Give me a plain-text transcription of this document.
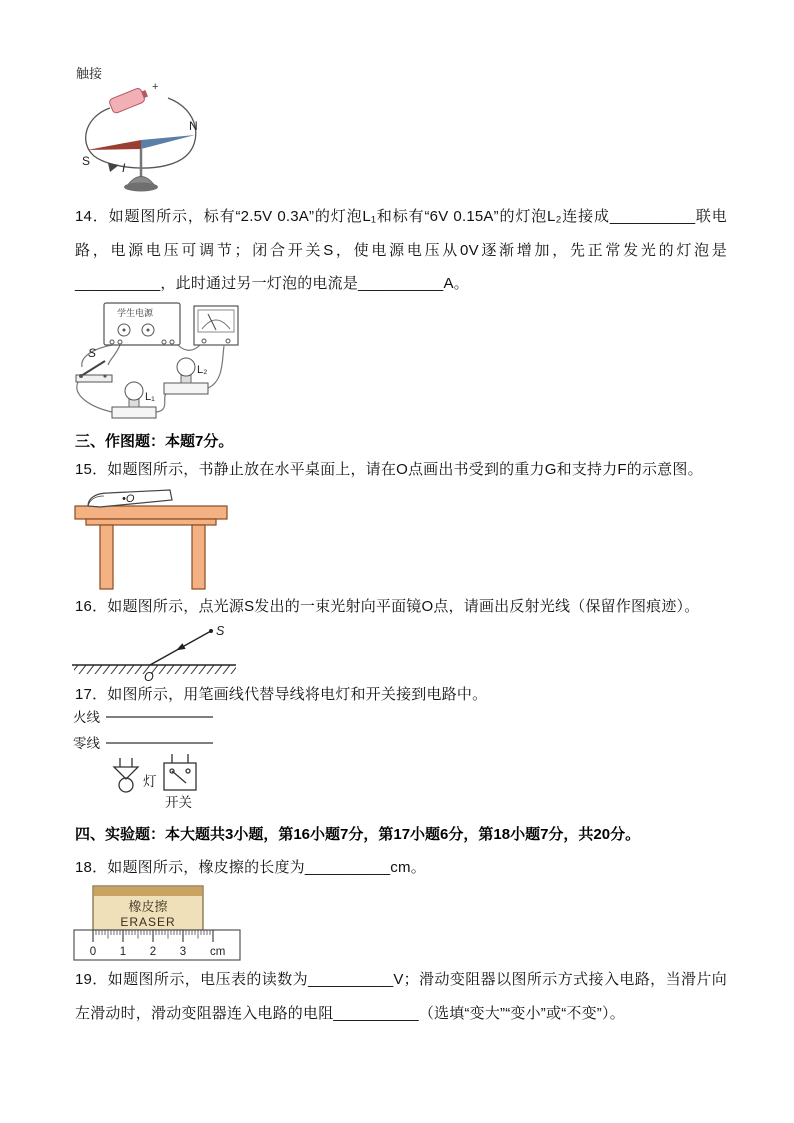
触接
+
I
S
N

14．如题图所示，标有“2.5V 0.3A”的灯泡L₁和标有“6V 0.15A”的灯泡L₂连接成__________联电路，电源电压可调节；闭合开关S，使电源电压从0V逐渐增加，先正常发光的灯泡是__________，此时通过另一灯泡的电流是__________A。

学生电源
S
L₁
L₂
三、作图题：本题7分。

15．如题图所示，书静止放在水平桌面上，请在O点画出书受到的重力G和支持力F的示意图。

•O

16．如题图所示，点光源S发出的一束光射向平面镜O点，请画出反射光线（保留作图痕迹）。

S
O

17．如图所示，用笔画线代替导线将电灯和开关接到电路中。

火线
零线
灯
开关
四、实验题：本大题共3小题，第16小题7分，第17小题6分，第18小题7分，共20分。

18．如题图所示，橡皮擦的长度为__________cm。

橡皮擦
ERASER
0 1 2 3 cm

19．如题图所示，电压表的读数为__________V；滑动变阻器以图所示方式接入电路，当滑片向左滑动时，滑动变阻器连入电路的电阻__________（选填“变大”“变小”或“不变”）。
